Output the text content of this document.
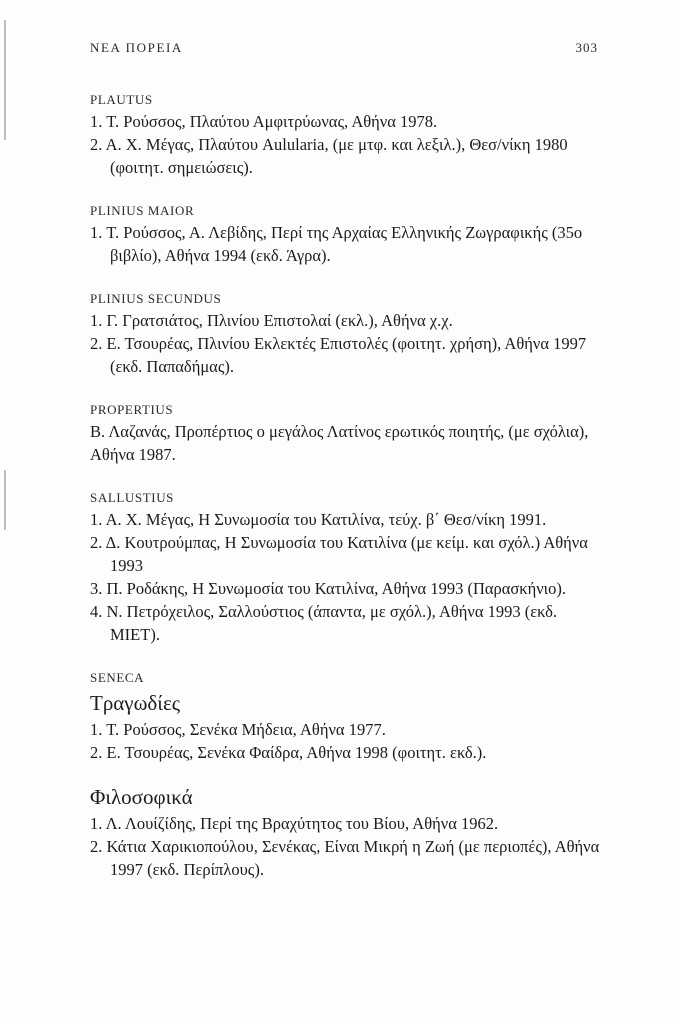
ΝΕΑ ΠΟΡΕΙΑ	303
PLAUTUS

1. Τ. Ρούσσος, Πλαύτου Αμφιτρύωνας, Αθήνα 1978.

2. Α. Χ. Μέγας, Πλαύτου Aulularia, (με μτφ. και λεξιλ.), Θεσ/νίκη 1980 (φοιτητ. σημειώσεις).

PLINIUS MAIOR

1. Τ. Ρούσσος, Α. Λεβίδης, Περί της Αρχαίας Ελληνικής Ζωγραφικής (35ο βιβλίο), Αθήνα 1994 (εκδ. Άγρα).

PLINIUS SECUNDUS

1. Γ. Γρατσιάτος, Πλινίου Επιστολαί (εκλ.), Αθήνα χ.χ.

2. Ε. Τσουρέας, Πλινίου Εκλεκτές Επιστολές (φοιτητ. χρήση), Αθήνα 1997 (εκδ. Παπαδήμας).

PROPERTIUS

Β. Λαζανάς, Προπέρτιος ο μεγάλος Λατίνος ερωτικός ποιητής, (με σχόλια), Αθήνα 1987.

SALLUSTIUS

1. Α. Χ. Μέγας, Η Συνωμοσία του Κατιλίνα, τεύχ. β΄ Θεσ/νίκη 1991.

2. Δ. Κουτρούμπας, Η Συνωμοσία του Κατιλίνα (με κείμ. και σχόλ.) Αθήνα 1993

3. Π. Ροδάκης, Η Συνωμοσία του Κατιλίνα, Αθήνα 1993 (Παρασκήνιο).

4. Ν. Πετρόχειλος, Σαλλούστιος (άπαντα, με σχόλ.), Αθήνα 1993 (εκδ. ΜΙΕΤ).

SENECA
Τραγωδίες

1. Τ. Ρούσσος, Σενέκα Μήδεια, Αθήνα 1977.

2. Ε. Τσουρέας, Σενέκα Φαίδρα, Αθήνα 1998 (φοιτητ. εκδ.).

Φιλοσοφικά

1. Λ. Λουίζίδης, Περί της Βραχύτητος του Βίου, Αθήνα 1962.

2. Κάτια Χαρικιοπούλου, Σενέκας, Είναι Μικρή η Ζωή (με περιοπές), Αθήνα 1997 (εκδ. Περίπλους).
